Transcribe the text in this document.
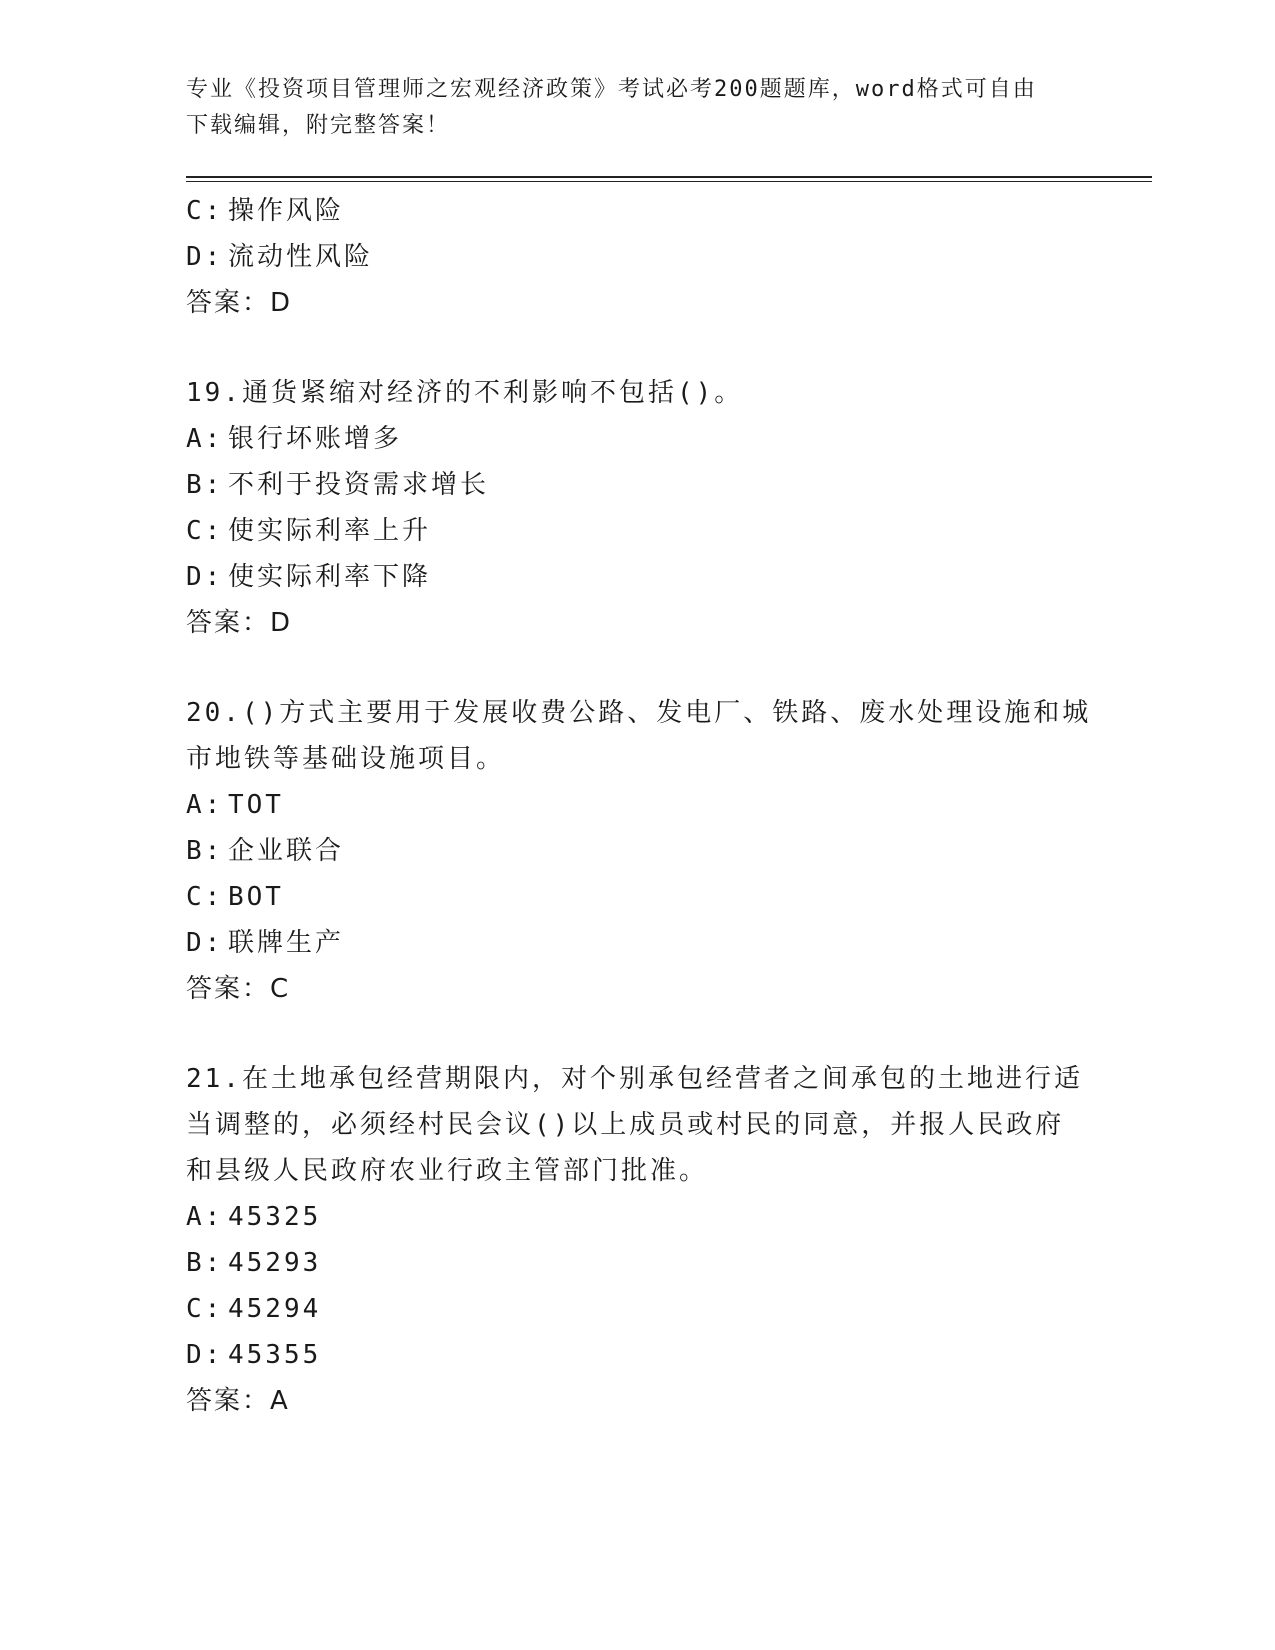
专业《投资项目管理师之宏观经济政策》考试必考200题题库，word格式可自由
下载编辑，附完整答案！
C: 操作风险
D: 流动性风险
答案：D
19.通货紧缩对经济的不利影响不包括()。
A: 银行坏账增多
B: 不利于投资需求增长
C: 使实际利率上升
D: 使实际利率下降
答案：D
20.()方式主要用于发展收费公路、发电厂、铁路、废水处理设施和城
市地铁等基础设施项目。
A: TOT
B: 企业联合
C: BOT
D: 联牌生产
答案：C
21.在土地承包经营期限内，对个别承包经营者之间承包的土地进行适
当调整的，必须经村民会议()以上成员或村民的同意，并报人民政府
和县级人民政府农业行政主管部门批准。
A: 45325
B: 45293
C: 45294
D: 45355
答案：A
